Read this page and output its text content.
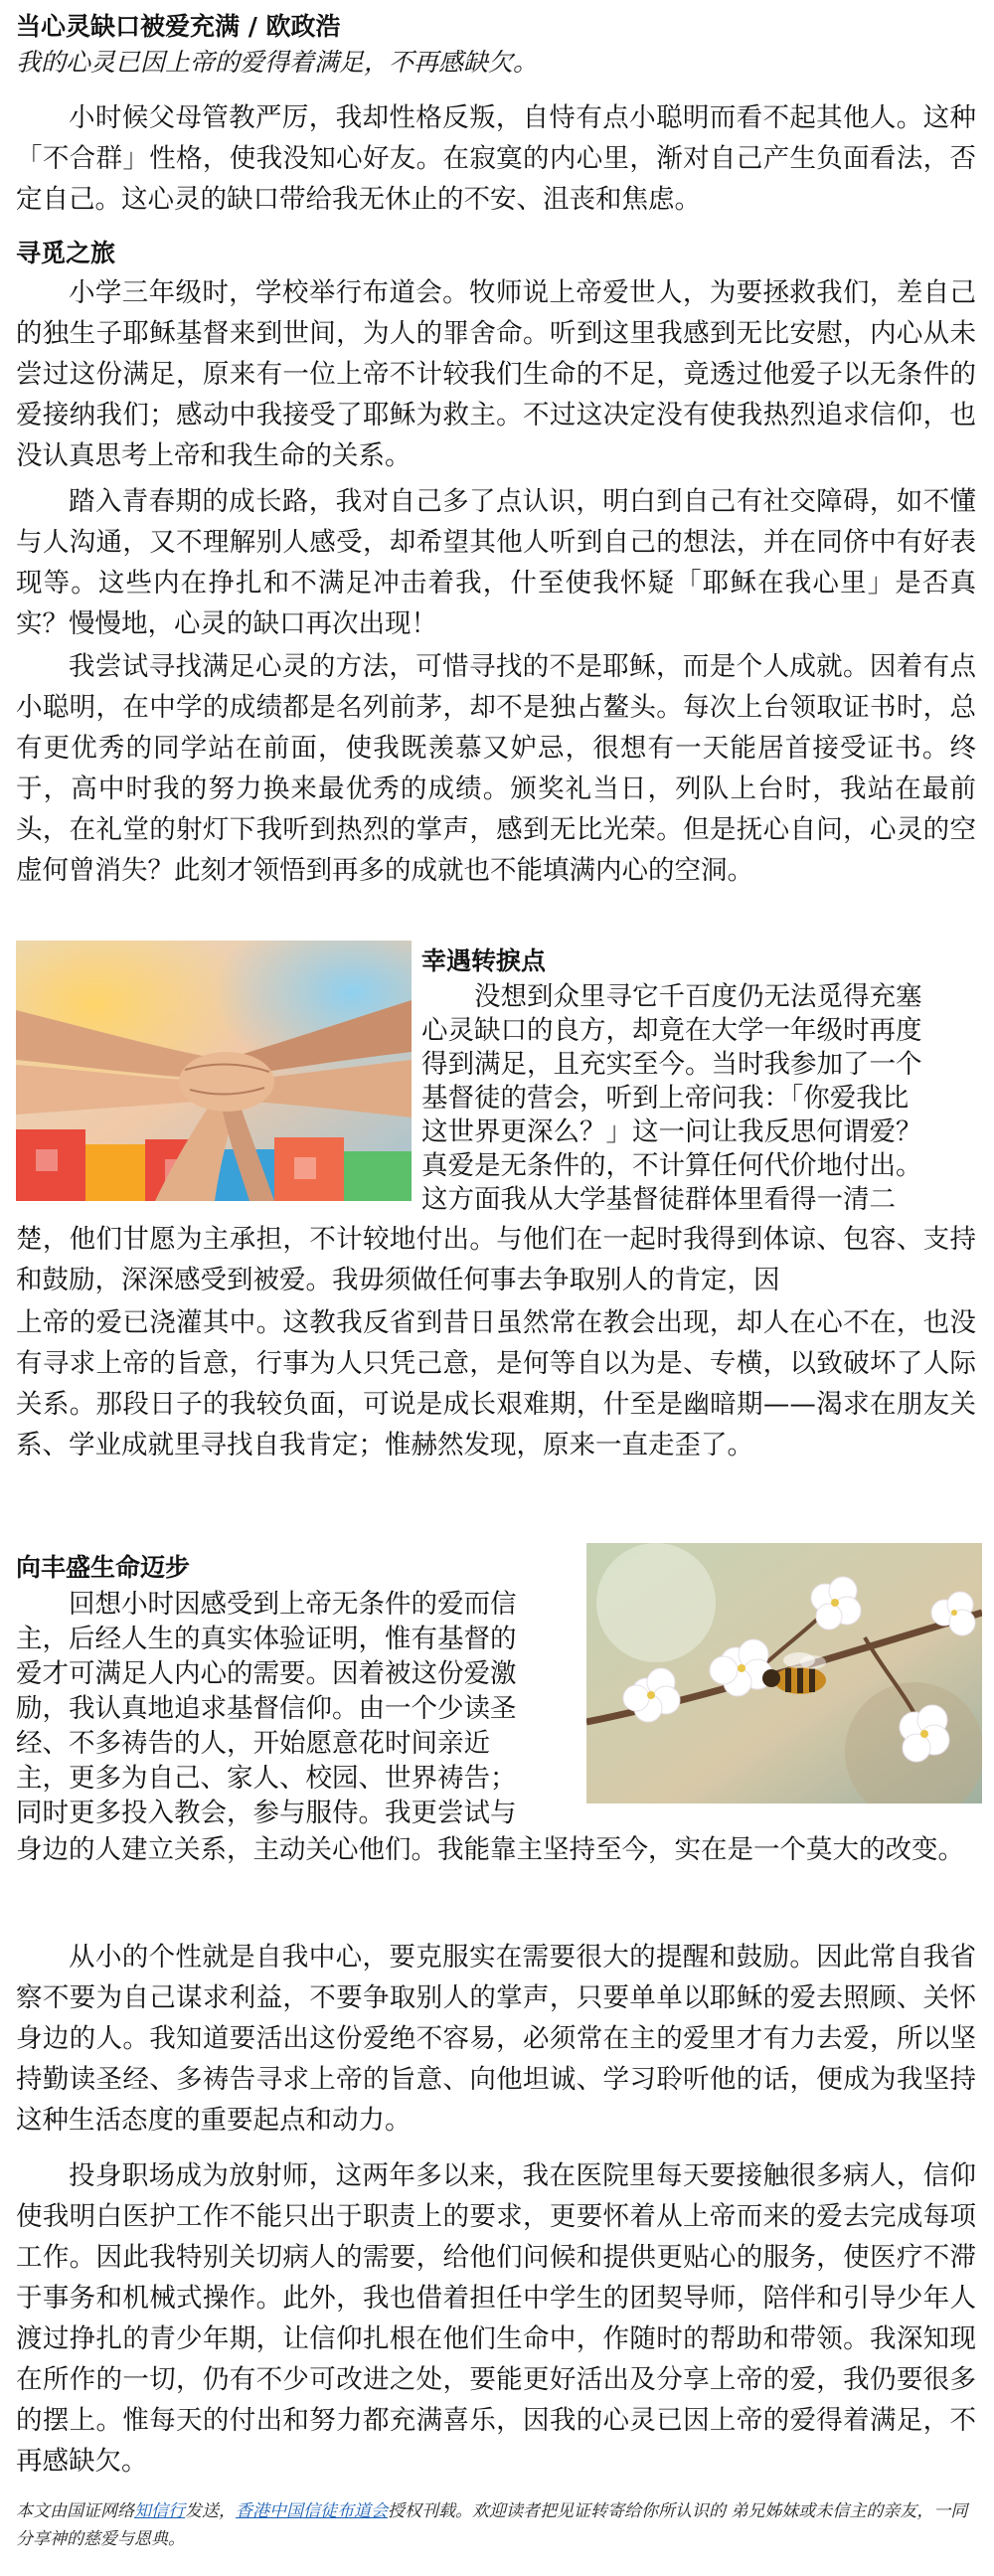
当心灵缺口被爱充满 / 欧政浩
我的心灵已因上帝的爱得着满足，不再感缺欠。

小时候父母管教严厉，我却性格反叛，自恃有点小聪明而看不起其他人。这种「不合群」性格，使我没知心好友。在寂寞的内心里，渐对自己产生负面看法，否定自己。这心灵的缺口带给我无休止的不安、沮丧和焦虑。

寻觅之旅

小学三年级时，学校举行布道会。牧师说上帝爱世人，为要拯救我们，差自己的独生子耶稣基督来到世间，为人的罪舍命。听到这里我感到无比安慰，内心从未尝过这份满足，原来有一位上帝不计较我们生命的不足，竟透过他爱子以无条件的爱接纳我们；感动中我接受了耶稣为救主。不过这决定没有使我热烈追求信仰，也没认真思考上帝和我生命的关系。

踏入青春期的成长路，我对自己多了点认识，明白到自己有社交障碍，如不懂与人沟通，又不理解别人感受，却希望其他人听到自己的想法，并在同侪中有好表现等。这些内在挣扎和不满足冲击着我，什至使我怀疑「耶稣在我心里」是否真实？慢慢地，心灵的缺口再次出现！

我尝试寻找满足心灵的方法，可惜寻找的不是耶稣，而是个人成就。因着有点小聪明，在中学的成绩都是名列前茅，却不是独占鳌头。每次上台领取证书时，总有更优秀的同学站在前面，使我既羡慕又妒忌，很想有一天能居首接受证书。终于，高中时我的努力换来最优秀的成绩。颁奖礼当日，列队上台时，我站在最前头，在礼堂的射灯下我听到热烈的掌声，感到无比光荣。但是抚心自问，心灵的空虚何曾消失？此刻才领悟到再多的成就也不能填满内心的空洞。

幸遇转捩点
　　没想到众里寻它千百度仍无法觅得充塞
心灵缺口的良方，却竟在大学一年级时再度
得到满足，且充实至今。当时我参加了一个
基督徒的营会，听到上帝问我：「你爱我比
这世界更深么？」这一问让我反思何谓爱？
真爱是无条件的，不计算任何代价地付出。
这方面我从大学基督徒群体里看得一清二

楚，他们甘愿为主承担，不计较地付出。与他们在一起时我得到体谅、包容、支持和鼓励，深深感受到被爱。我毋须做任何事去争取别人的肯定，因

上帝的爱已浇灌其中。这教我反省到昔日虽然常在教会出现，却人在心不在，也没有寻求上帝的旨意，行事为人只凭己意，是何等自以为是、专横，以致破坏了人际关系。那段日子的我较负面，可说是成长艰难期，什至是幽暗期——渴求在朋友关系、学业成就里寻找自我肯定；惟赫然发现，原来一直走歪了。

向丰盛生命迈步
　　回想小时因感受到上帝无条件的爱而信
主，后经人生的真实体验证明，惟有基督的
爱才可满足人内心的需要。因着被这份爱激
励，我认真地追求基督信仰。由一个少读圣
经、不多祷告的人，开始愿意花时间亲近
主，更多为自己、家人、校园、世界祷告；
同时更多投入教会，参与服侍。我更尝试与

身边的人建立关系，主动关心他们。我能靠主坚持至今，实在是一个莫大的改变。

从小的个性就是自我中心，要克服实在需要很大的提醒和鼓励。因此常自我省察不要为自己谋求利益，不要争取别人的掌声，只要单单以耶稣的爱去照顾、关怀身边的人。我知道要活出这份爱绝不容易，必须常在主的爱里才有力去爱，所以坚持勤读圣经、多祷告寻求上帝的旨意、向他坦诚、学习聆听他的话，便成为我坚持这种生活态度的重要起点和动力。

投身职场成为放射师，这两年多以来，我在医院里每天要接触很多病人，信仰使我明白医护工作不能只出于职责上的要求，更要怀着从上帝而来的爱去完成每项工作。因此我特别关切病人的需要，给他们问候和提供更贴心的服务，使医疗不滞于事务和机械式操作。此外，我也借着担任中学生的团契导师，陪伴和引导少年人渡过挣扎的青少年期，让信仰扎根在他们生命中，作随时的帮助和带领。我深知现在所作的一切，仍有不少可改进之处，要能更好活出及分享上帝的爱，我仍要很多的摆上。惟每天的付出和努力都充满喜乐，因我的心灵已因上帝的爱得着满足，不再感缺欠。

本文由国证网络知信行发送，香港中国信徒布道会授权刊载。欢迎读者把见证转寄给你所认识的 弟兄姊妹或未信主的亲友，一同分享神的慈爱与恩典。
